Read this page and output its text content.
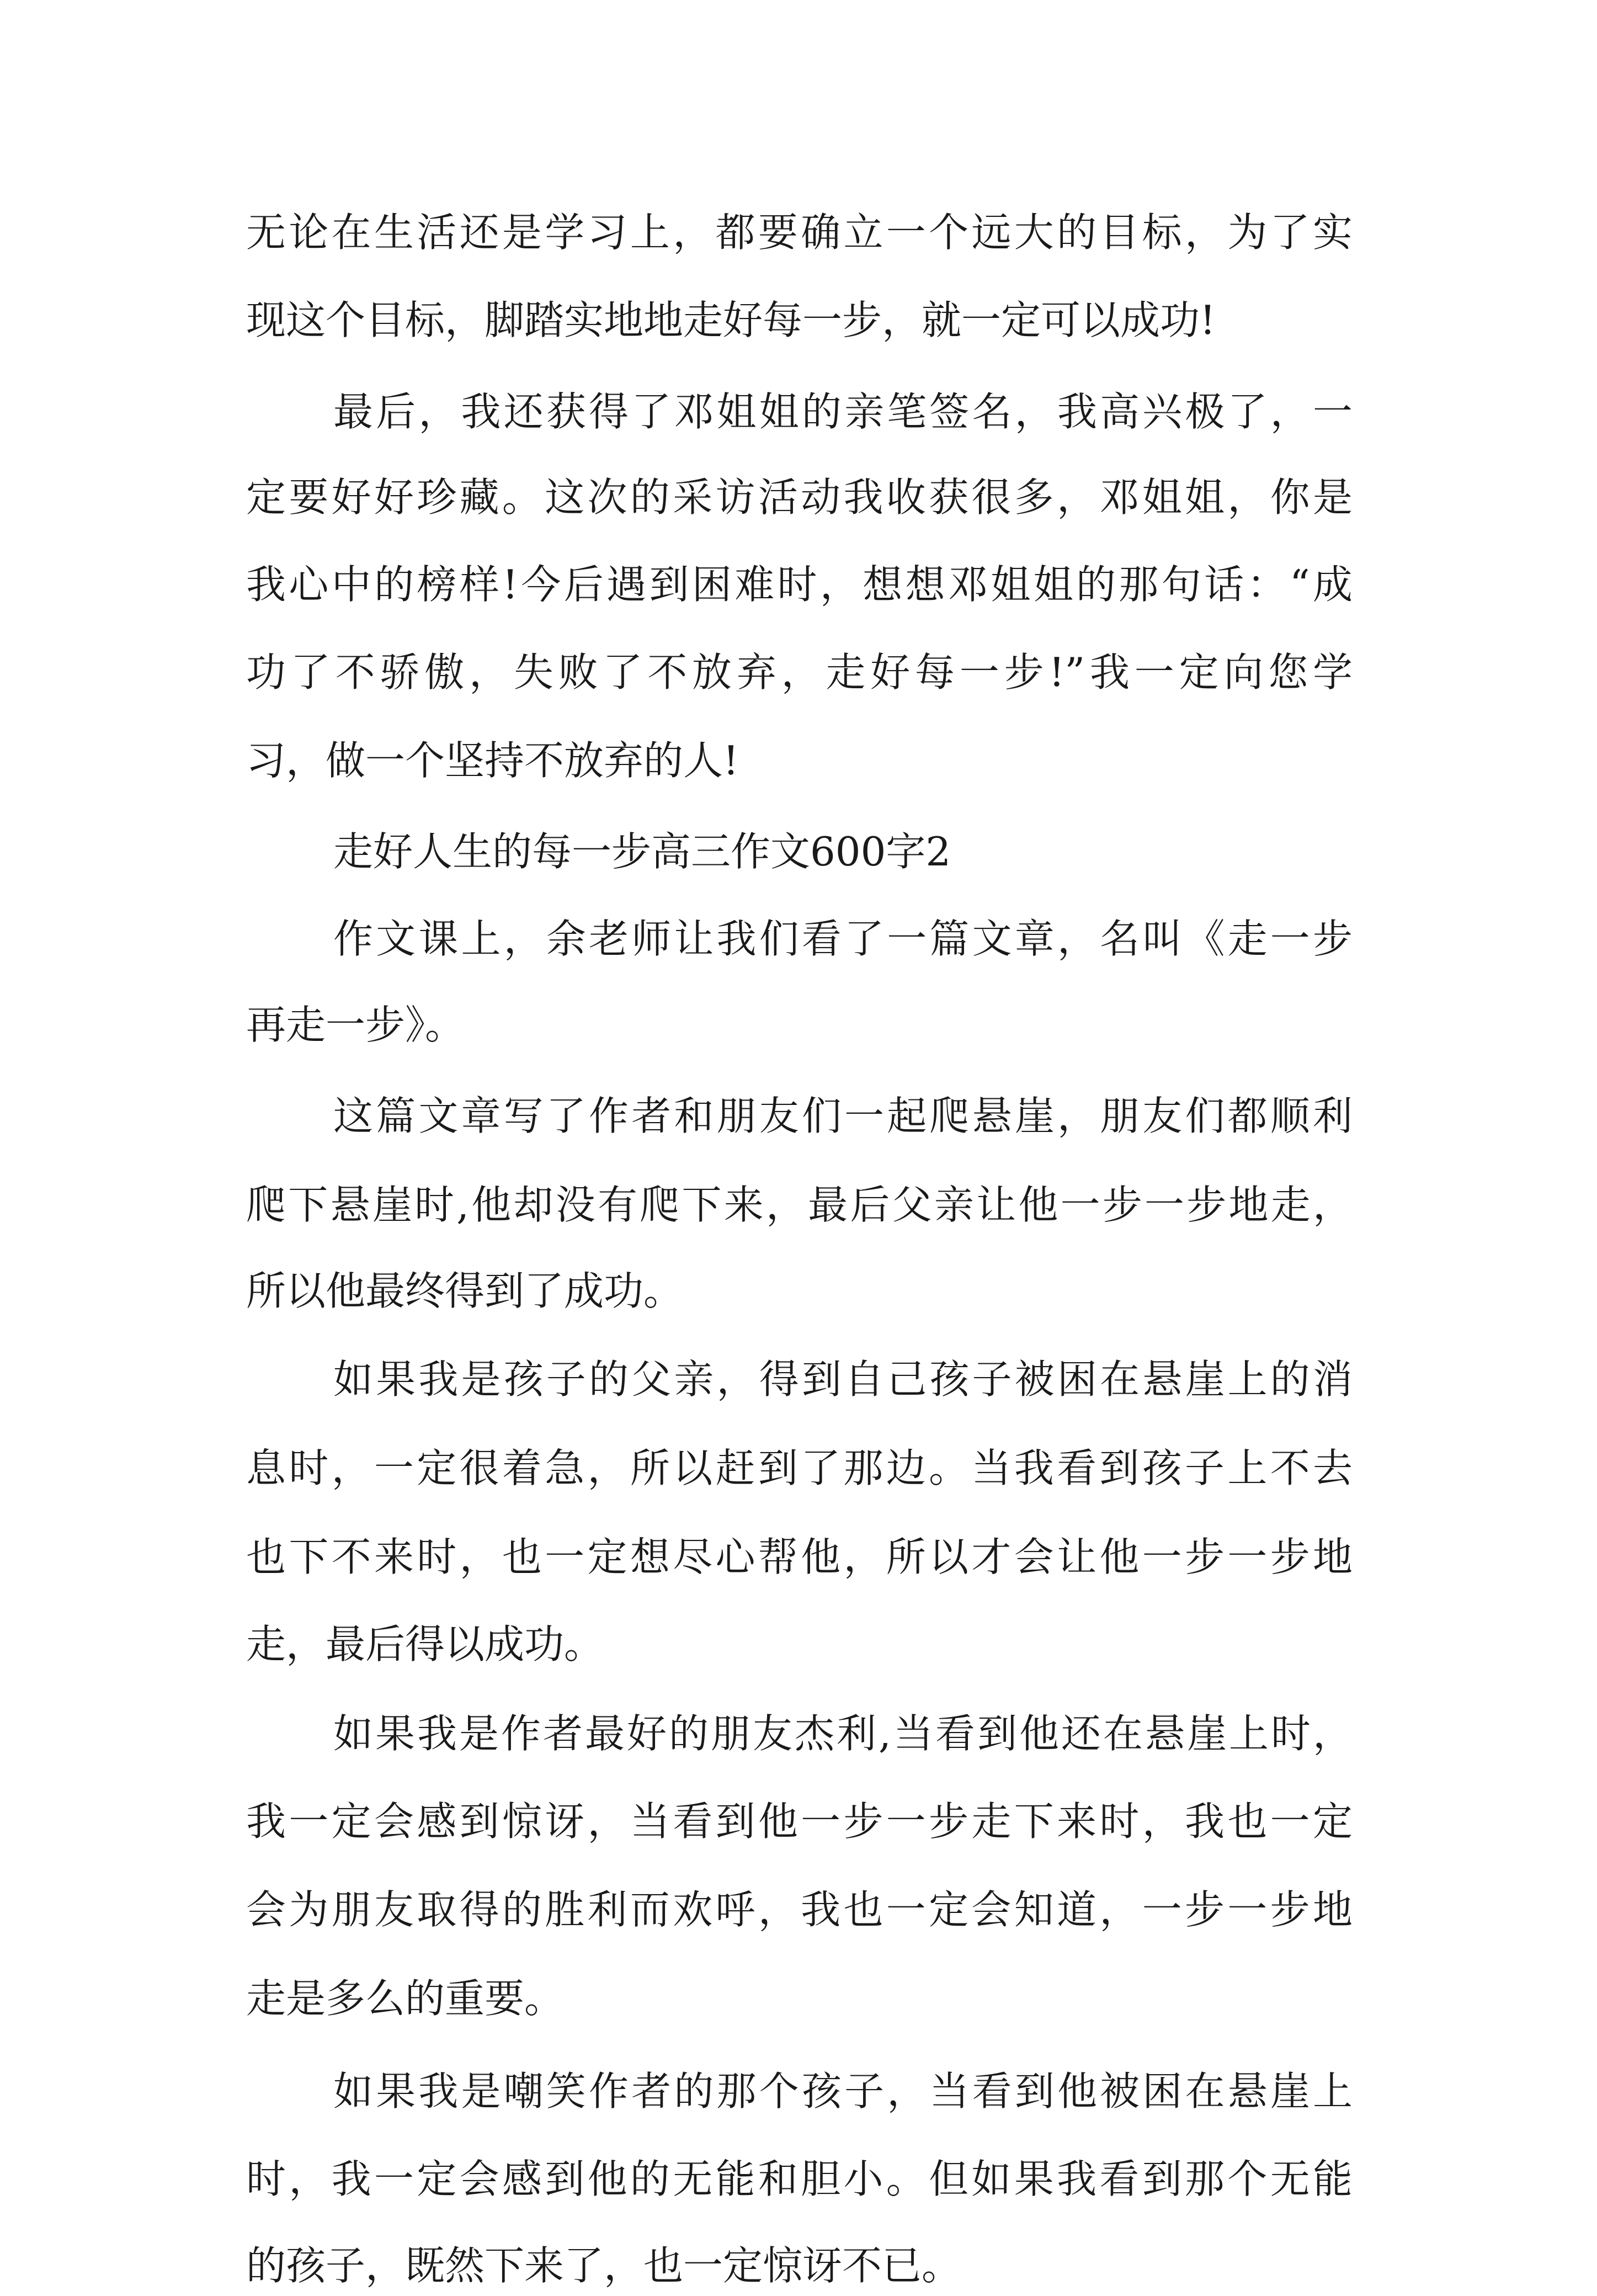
无论在生活还是学习上，都要确立一个远大的目标，为了实
现这个目标，脚踏实地地走好每一步，就一定可以成功!
最后，我还获得了邓姐姐的亲笔签名，我高兴极了，一
定要好好珍藏。这次的采访活动我收获很多，邓姐姐，你是
我心中的榜样!今后遇到困难时，想想邓姐姐的那句话：“成
功了不骄傲，失败了不放弃，走好每一步!”我一定向您学
习，做一个坚持不放弃的人!
走好人生的每一步高三作文600字2
作文课上，余老师让我们看了一篇文章，名叫《走一步
再走一步》。
这篇文章写了作者和朋友们一起爬悬崖，朋友们都顺利
爬下悬崖时,他却没有爬下来，最后父亲让他一步一步地走，
所以他最终得到了成功。
如果我是孩子的父亲，得到自己孩子被困在悬崖上的消
息时，一定很着急，所以赶到了那边。当我看到孩子上不去
也下不来时，也一定想尽心帮他，所以才会让他一步一步地
走，最后得以成功。
如果我是作者最好的朋友杰利,当看到他还在悬崖上时，
我一定会感到惊讶，当看到他一步一步走下来时，我也一定
会为朋友取得的胜利而欢呼，我也一定会知道，一步一步地
走是多么的重要。
如果我是嘲笑作者的那个孩子，当看到他被困在悬崖上
时，我一定会感到他的无能和胆小。但如果我看到那个无能
的孩子，既然下来了，也一定惊讶不已。
